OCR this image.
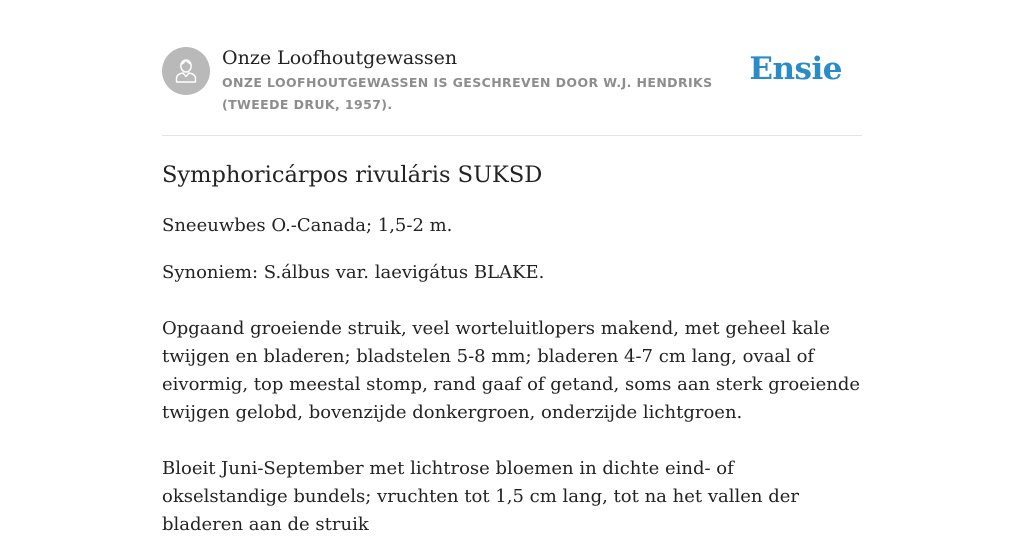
Onze Loofhoutgewassen

ONZE LOOFHOUTGEWASSEN IS GESCHREVEN DOOR W.J. HENDRIKS (TWEEDE DRUK, 1957).

Ensie
Symphoricárpos rivuláris SUKSD

Sneeuwbes O.-Canada; 1,5-2 m.

Synoniem: S.álbus var. laevigátus BLAKE.

Opgaand groeiende struik, veel worteluitlopers makend, met geheel kale twijgen en bladeren; bladstelen 5-8 mm; bladeren 4-7 cm lang, ovaal of eivormig, top meestal stomp, rand gaaf of getand, soms aan sterk groeiende twijgen gelobd, bovenzijde donkergroen, onderzijde lichtgroen.

Bloeit Juni-September met lichtrose bloemen in dichte eind- of okselstandige bundels; vruchten tot 1,5 cm lang, tot na het vallen der bladeren aan de struik
